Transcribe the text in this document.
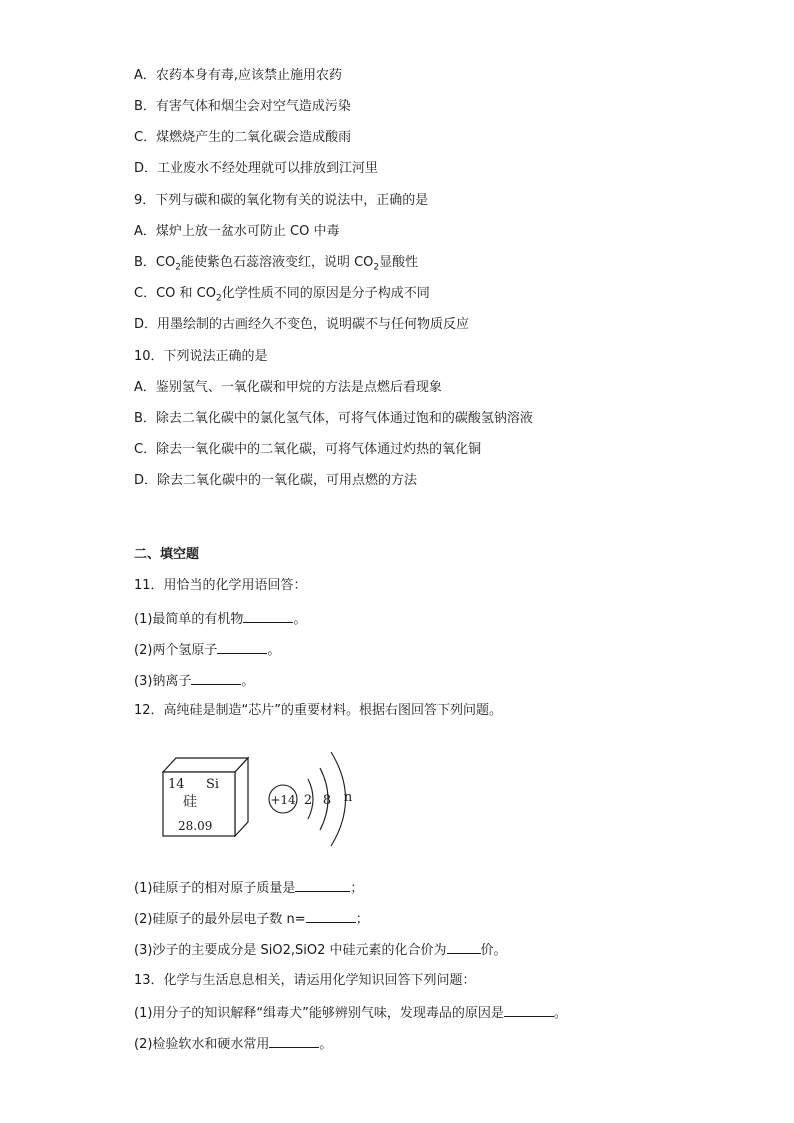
A．农药本身有毒,应该禁止施用农药
B．有害气体和烟尘会对空气造成污染
C．煤燃烧产生的二氧化碳会造成酸雨
D．工业废水不经处理就可以排放到江河里
9．下列与碳和碳的氧化物有关的说法中，正确的是
A．煤炉上放一盆水可防止 CO 中毒
B．$CO_2$能使紫色石蕊溶液变红，说明 $CO_2$显酸性
C．CO 和 $CO_2$化学性质不同的原因是分子构成不同
D．用墨绘制的古画经久不变色，说明碳不与任何物质反应
10．下列说法正确的是
A．鉴别氢气、一氧化碳和甲烷的方法是点燃后看现象
B．除去二氧化碳中的氯化氢气体，可将气体通过饱和的碳酸氢钠溶液
C．除去一氧化碳中的二氧化碳，可将气体通过灼热的氧化铜
D．除去二氧化碳中的一氧化碳，可用点燃的方法
二、填空题
11．用恰当的化学用语回答：
(1)最简单的有机物	。
(2)两个氢原子	。
(3)钠离子	。
12．高纯硅是制造“芯片”的重要材料。根据右图回答下列问题。
14 Si
硅
28.09
+14 2 8 n
(1)硅原子的相对原子质量是	；
(2)硅原子的最外层电子数 n=	；
(3)沙子的主要成分是 SiO2,SiO2 中硅元素的化合价为	价。
13．化学与生活息息相关，请运用化学知识回答下列问题：
(1)用分子的知识解释“缉毒犬”能够辨别气味，发现毒品的原因是	。
(2)检验软水和硬水常用	。
